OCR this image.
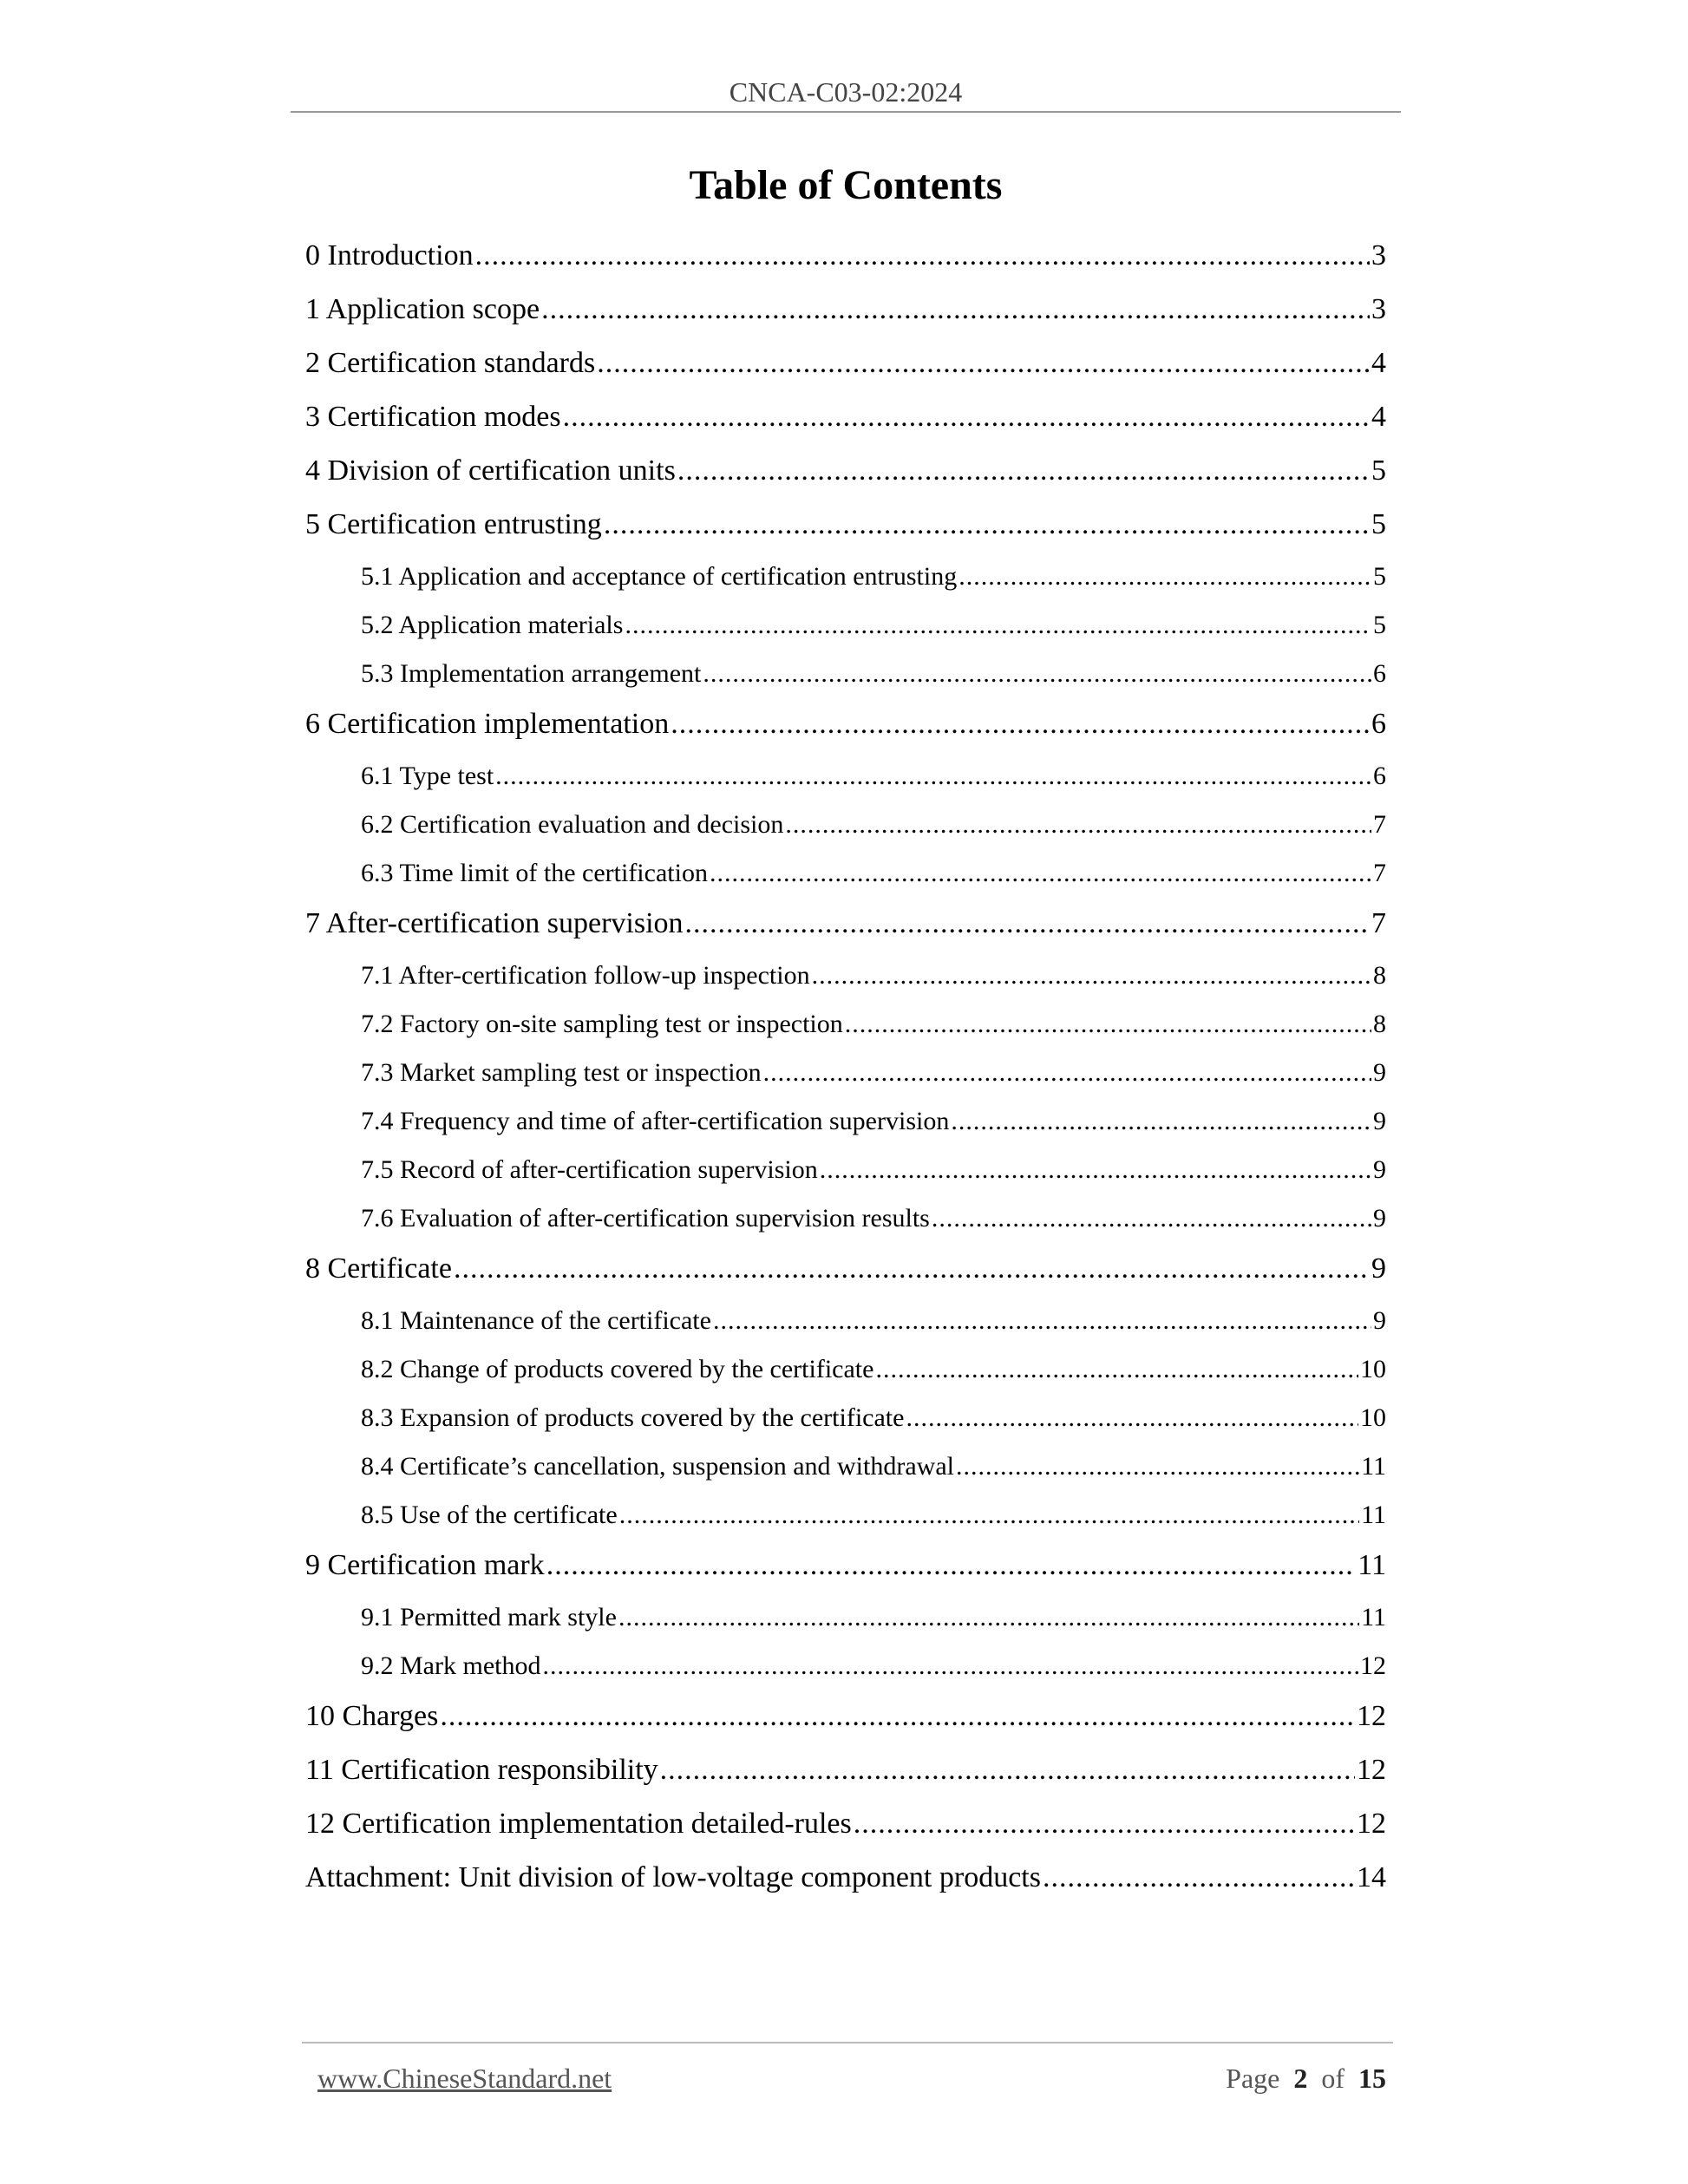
CNCA-C03-02:2024
Table of Contents
0 Introduction .....	3
1 Application scope .....	3
2 Certification standards .....	4
3 Certification modes .....	4
4 Division of certification units .....	5
5 Certification entrusting .....	5
5.1 Application and acceptance of certification entrusting .....	5
5.2 Application materials .....	5
5.3 Implementation arrangement .....	6
6 Certification implementation .....	6
6.1 Type test .....	6
6.2 Certification evaluation and decision .....	7
6.3 Time limit of the certification .....	7
7 After-certification supervision .....	7
7.1 After-certification follow-up inspection .....	8
7.2 Factory on-site sampling test or inspection .....	8
7.3 Market sampling test or inspection .....	9
7.4 Frequency and time of after-certification supervision .....	9
7.5 Record of after-certification supervision .....	9
7.6 Evaluation of after-certification supervision results .....	9
8 Certificate .....	9
8.1 Maintenance of the certificate .....	9
8.2 Change of products covered by the certificate .....	10
8.3 Expansion of products covered by the certificate .....	10
8.4 Certificate’s cancellation, suspension and withdrawal .....	11
8.5 Use of the certificate .....	11
9 Certification mark .....	11
9.1 Permitted mark style .....	11
9.2 Mark method .....	12
10 Charges .....	12
11 Certification responsibility .....	12
12 Certification implementation detailed-rules .....	12
Attachment: Unit division of low-voltage component products .....	14
www.ChineseStandard.net	Page 2 of 15
